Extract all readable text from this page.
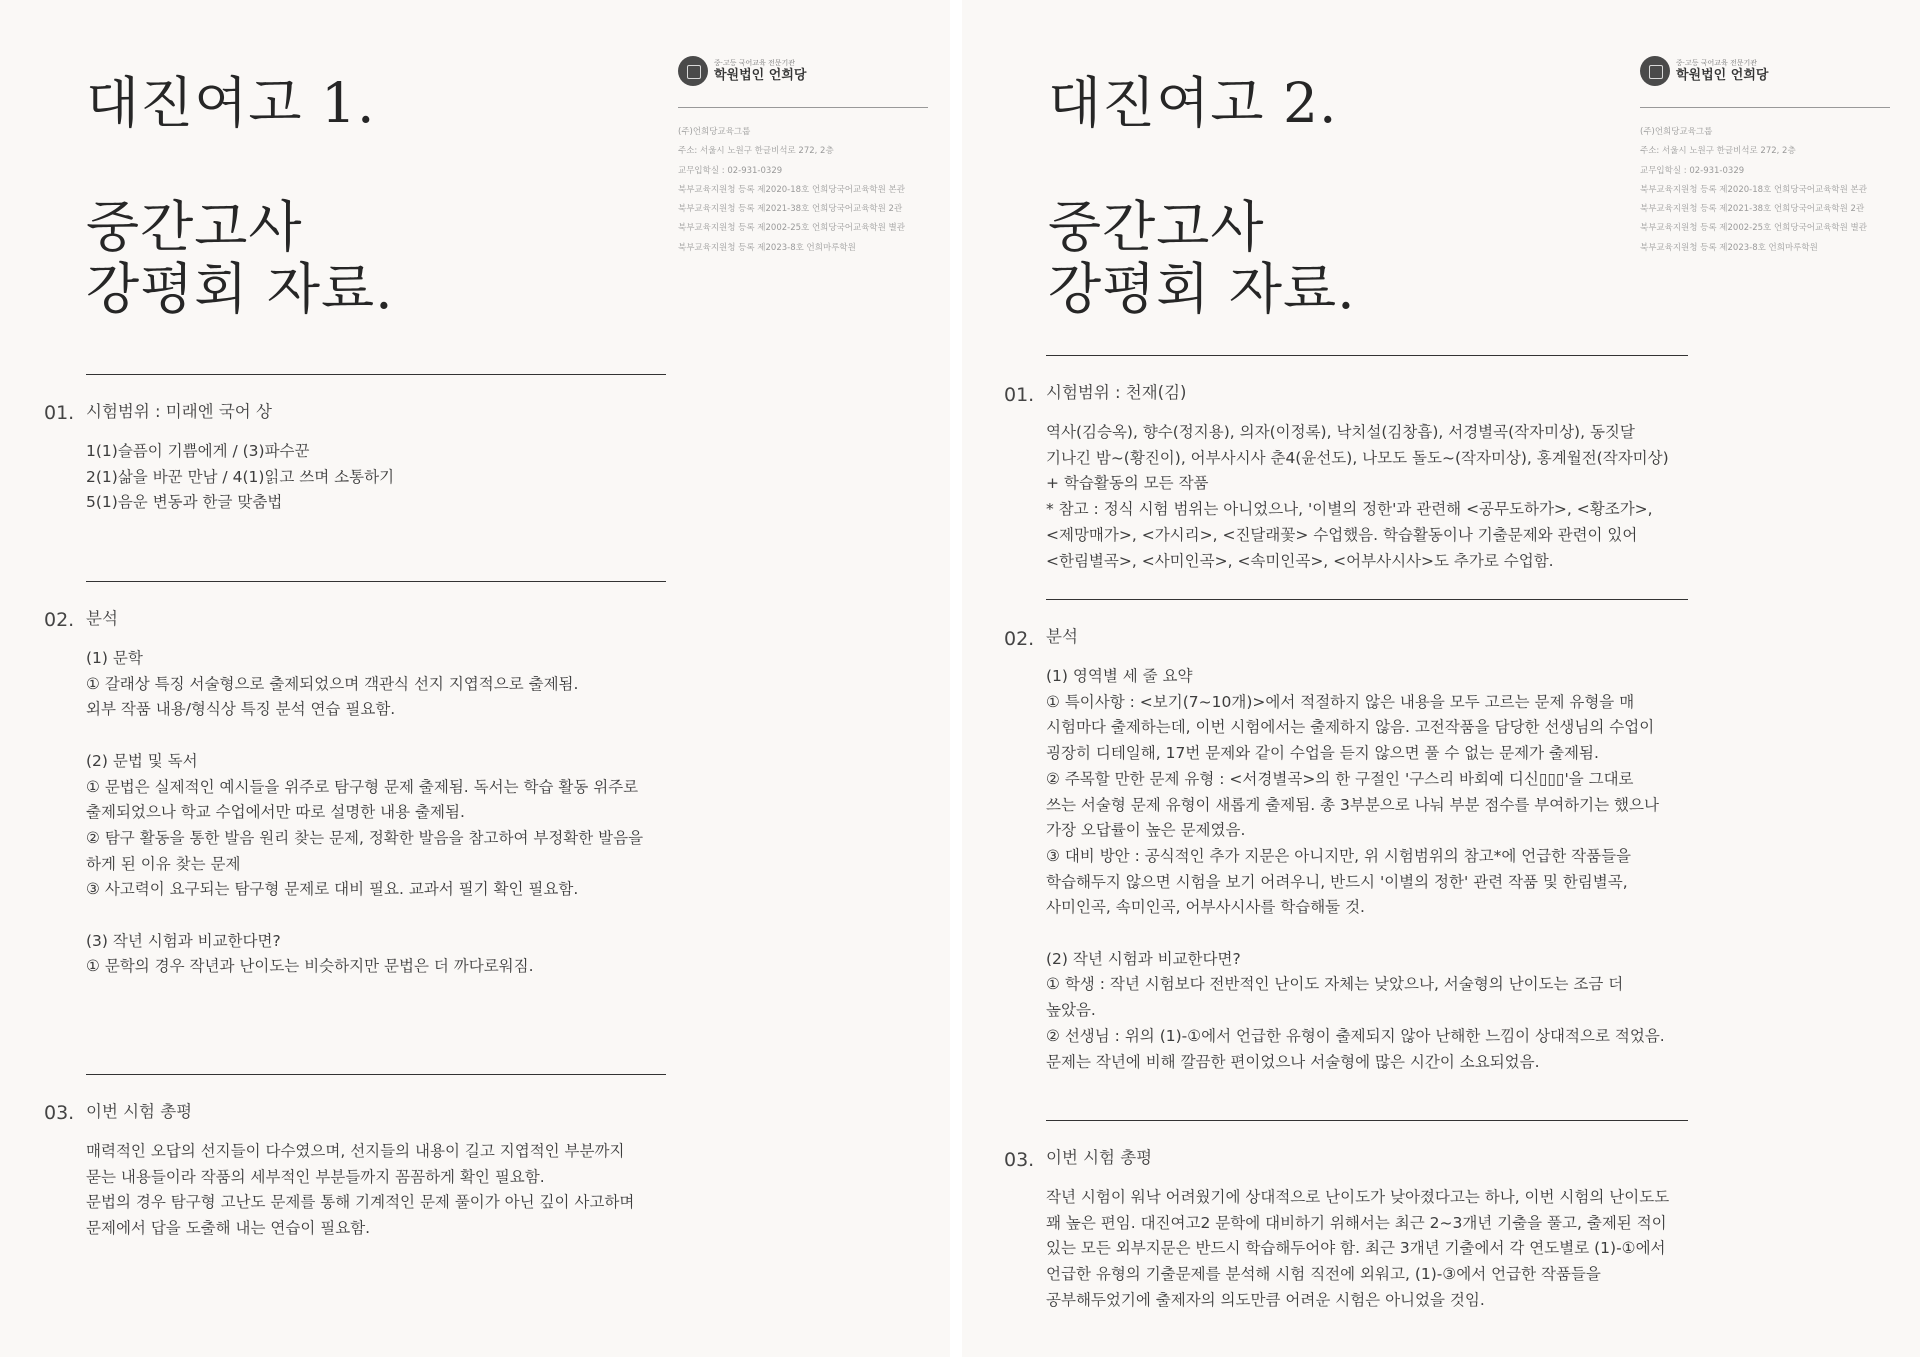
대진여고 1.
중간고사
강평회 자료.
중·고등 국어교육 전문기관
학원법인 언희당
(주)언희당교육그룹
주소: 서울시 노원구 한글비석로 272, 2층
교무입학실 : 02-931-0329
북부교육지원청 등록 제2020-18호 언희당국어교육학원 본관
북부교육지원청 등록 제2021-38호 언희당국어교육학원 2관
북부교육지원청 등록 제2002-25호 언희당국어교육학원 별관
북부교육지원청 등록 제2023-8호 언희마루학원
01. 시험범위 : 미래엔 국어 상
1(1)슬픔이 기쁨에게 / (3)파수꾼
2(1)삶을 바꾼 만남 / 4(1)읽고 쓰며 소통하기
5(1)음운 변동과 한글 맞춤법
02. 분석
(1) 문학
① 갈래상 특징 서술형으로 출제되었으며 객관식 선지 지엽적으로 출제됨.
외부 작품 내용/형식상 특징 분석 연습 필요함.
(2) 문법 및 독서
① 문법은 실제적인 예시들을 위주로 탐구형 문제 출제됨. 독서는 학습 활동 위주로
출제되었으나 학교 수업에서만 따로 설명한 내용 출제됨.
② 탐구 활동을 통한 발음 원리 찾는 문제, 정확한 발음을 참고하여 부정확한 발음을
하게 된 이유 찾는 문제
③ 사고력이 요구되는 탐구형 문제로 대비 필요. 교과서 필기 확인 필요함.
(3) 작년 시험과 비교한다면?
① 문학의 경우 작년과 난이도는 비슷하지만 문법은 더 까다로워짐.
03. 이번 시험 총평
매력적인 오답의 선지들이 다수였으며, 선지들의 내용이 길고 지엽적인 부분까지
묻는 내용들이라 작품의 세부적인 부분들까지 꼼꼼하게 확인 필요함.
문법의 경우 탐구형 고난도 문제를 통해 기계적인 문제 풀이가 아닌 깊이 사고하며
문제에서 답을 도출해 내는 연습이 필요함.
대진여고 2.
중간고사
강평회 자료.
중·고등 국어교육 전문기관
학원법인 언희당
(주)언희당교육그룹
주소: 서울시 노원구 한글비석로 272, 2층
교무입학실 : 02-931-0329
북부교육지원청 등록 제2020-18호 언희당국어교육학원 본관
북부교육지원청 등록 제2021-38호 언희당국어교육학원 2관
북부교육지원청 등록 제2002-25호 언희당국어교육학원 별관
북부교육지원청 등록 제2023-8호 언희마루학원
01. 시험범위 : 천재(김)
역사(김승옥), 향수(정지용), 의자(이정록), 낙치설(김창흡), 서경별곡(작자미상), 동짓달
기나긴 밤~(황진이), 어부사시사 춘4(윤선도), 나모도 돌도~(작자미상), 홍계월전(작자미상)
+ 학습활동의 모든 작품
* 참고 : 정식 시험 범위는 아니었으나, '이별의 정한'과 관련해 <공무도하가>, <황조가>,
<제망매가>, <가시리>, <진달래꽃> 수업했음. 학습활동이나 기출문제와 관련이 있어
<한림별곡>, <사미인곡>, <속미인곡>, <어부사시사>도 추가로 수업함.
02. 분석
(1) 영역별 세 줄 요약
① 특이사항 : <보기(7~10개)>에서 적절하지 않은 내용을 모두 고르는 문제 유형을 매
시험마다 출제하는데, 이번 시험에서는 출제하지 않음. 고전작품을 담당한 선생님의 수업이
굉장히 디테일해, 17번 문제와 같이 수업을 듣지 않으면 풀 수 없는 문제가 출제됨.
② 주목할 만한 문제 유형 : <서경별곡>의 한 구절인 '구스리 바회예 디신▯▯▯'을 그대로
쓰는 서술형 문제 유형이 새롭게 출제됨. 총 3부분으로 나눠 부분 점수를 부여하기는 했으나
가장 오답률이 높은 문제였음.
③ 대비 방안 : 공식적인 추가 지문은 아니지만, 위 시험범위의 참고*에 언급한 작품들을
학습해두지 않으면 시험을 보기 어려우니, 반드시 '이별의 정한' 관련 작품 및 한림별곡,
사미인곡, 속미인곡, 어부사시사를 학습해둘 것.
(2) 작년 시험과 비교한다면?
① 학생 : 작년 시험보다 전반적인 난이도 자체는 낮았으나, 서술형의 난이도는 조금 더
높았음.
② 선생님 : 위의 (1)-①에서 언급한 유형이 출제되지 않아 난해한 느낌이 상대적으로 적었음.
문제는 작년에 비해 깔끔한 편이었으나 서술형에 많은 시간이 소요되었음.
03. 이번 시험 총평
작년 시험이 워낙 어려웠기에 상대적으로 난이도가 낮아졌다고는 하나, 이번 시험의 난이도도
꽤 높은 편임. 대진여고2 문학에 대비하기 위해서는 최근 2~3개년 기출을 풀고, 출제된 적이
있는 모든 외부지문은 반드시 학습해두어야 함. 최근 3개년 기출에서 각 연도별로 (1)-①에서
언급한 유형의 기출문제를 분석해 시험 직전에 외워고, (1)-③에서 언급한 작품들을
공부해두었기에 출제자의 의도만큼 어려운 시험은 아니었을 것임.
